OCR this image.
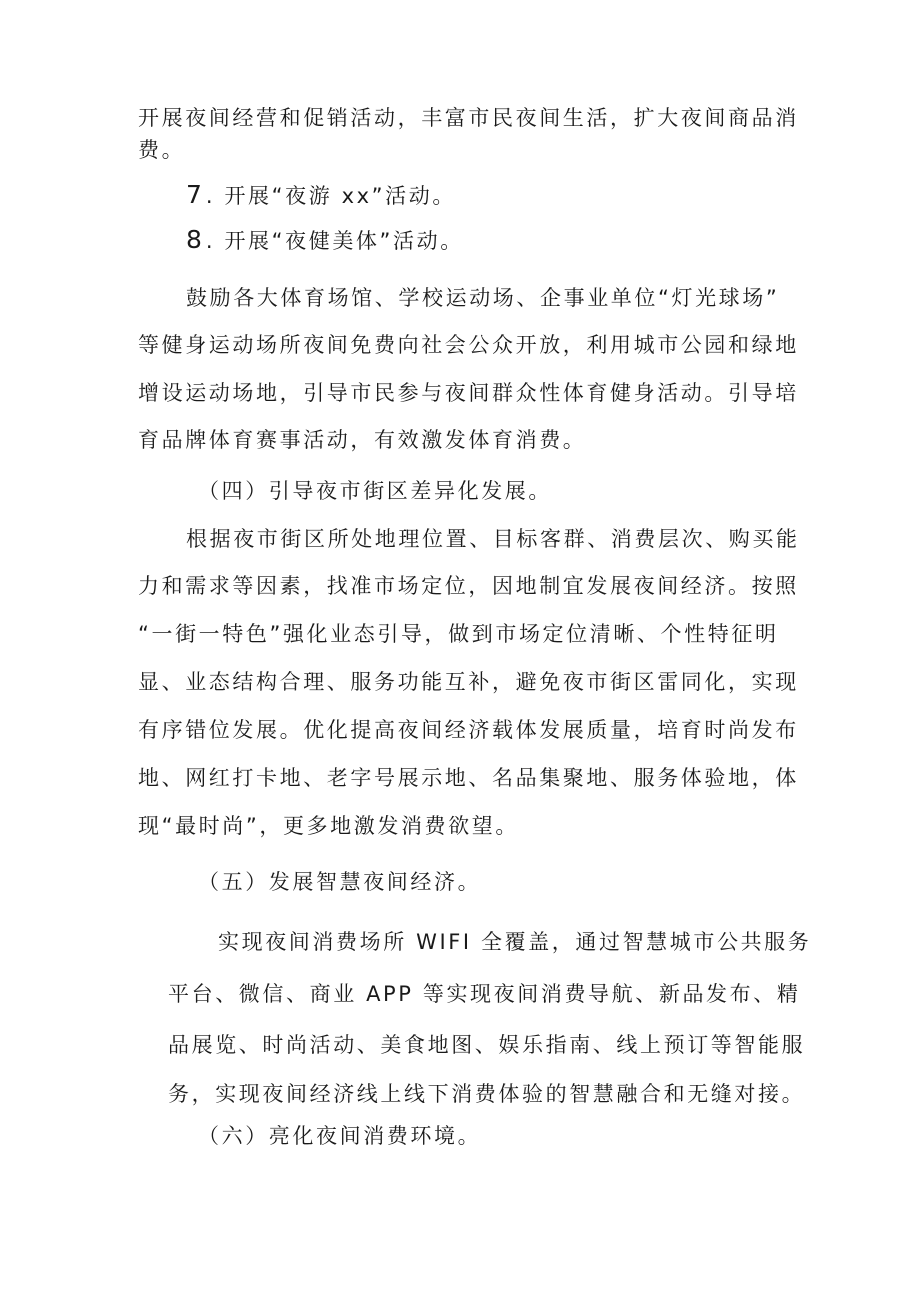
开展夜间经营和促销活动，丰富市民夜间生活，扩大夜间商品消
费。
7 . 开展“夜游 xx”活动。
8 . 开展“夜健美体”活动。
鼓励各大体育场馆、学校运动场、企事业单位“灯光球场”
等健身运动场所夜间免费向社会公众开放，利用城市公园和绿地
增设运动场地，引导市民参与夜间群众性体育健身活动。引导培
育品牌体育赛事活动，有效激发体育消费。
（四）引导夜市街区差异化发展。
根据夜市街区所处地理位置、目标客群、消费层次、购买能
力和需求等因素，找准市场定位，因地制宜发展夜间经济。按照
“一街一特色”强化业态引导，做到市场定位清晰、个性特征明
显、业态结构合理、服务功能互补，避免夜市街区雷同化，实现
有序错位发展。优化提高夜间经济载体发展质量，培育时尚发布
地、网红打卡地、老字号展示地、名品集聚地、服务体验地，体
现“最时尚”，更多地激发消费欲望。
（五）发展智慧夜间经济。
实现夜间消费场所 WIFI 全覆盖，通过智慧城市公共服务
平台、微信、商业 APP 等实现夜间消费导航、新品发布、精
品展览、时尚活动、美食地图、娱乐指南、线上预订等智能服
务，实现夜间经济线上线下消费体验的智慧融合和无缝对接。
（六）亮化夜间消费环境。
